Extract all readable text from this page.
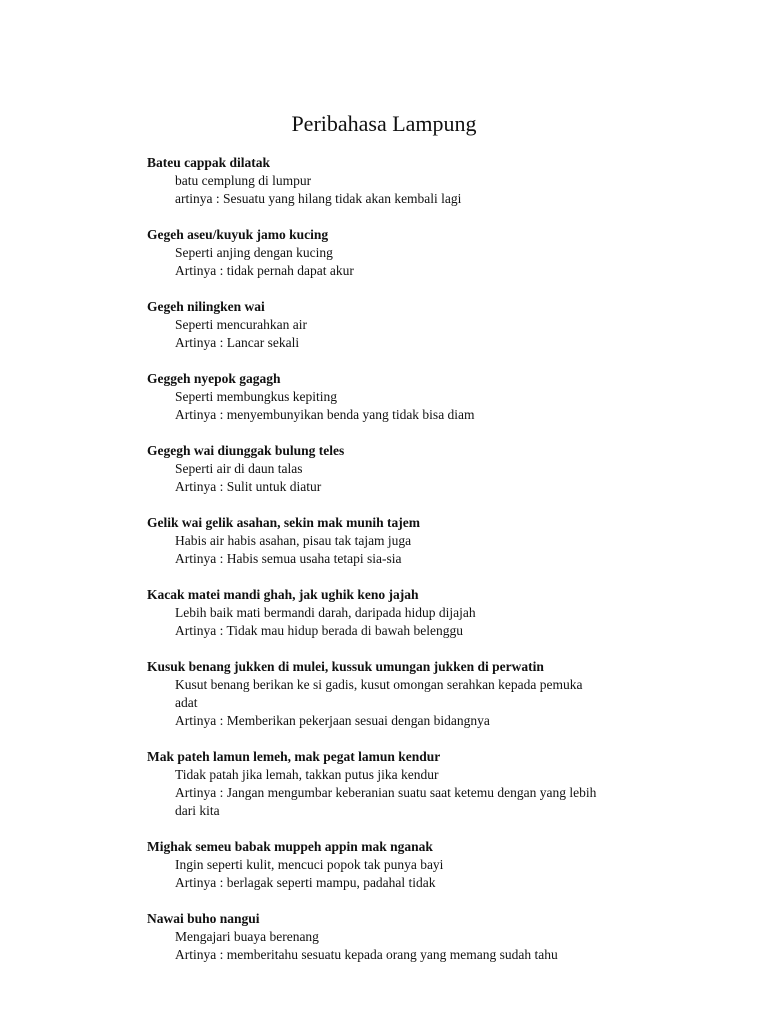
Peribahasa Lampung
Bateu cappak dilatak
batu cemplung di lumpur
artinya : Sesuatu yang hilang tidak akan kembali lagi
Gegeh aseu/kuyuk jamo kucing
Seperti anjing dengan kucing
Artinya : tidak pernah dapat akur
Gegeh nilingken wai
Seperti mencurahkan air
Artinya : Lancar sekali
Geggeh nyepok gagagh
Seperti membungkus kepiting
Artinya : menyembunyikan benda yang tidak bisa diam
Gegegh wai diunggak bulung teles
Seperti air di daun talas
Artinya : Sulit untuk diatur
Gelik wai gelik asahan, sekin mak munih tajem
Habis air habis asahan, pisau tak tajam juga
Artinya : Habis semua usaha tetapi sia-sia
Kacak matei mandi ghah, jak ughik keno jajah
Lebih baik mati bermandi darah, daripada hidup dijajah
Artinya : Tidak mau hidup berada di bawah belenggu
Kusuk benang jukken di mulei, kussuk umungan jukken di perwatin
Kusut benang berikan ke si gadis, kusut omongan serahkan kepada pemuka
adat
Artinya : Memberikan pekerjaan sesuai dengan bidangnya
Mak pateh lamun lemeh, mak pegat lamun kendur
Tidak patah jika lemah, takkan putus jika kendur
Artinya : Jangan mengumbar keberanian suatu saat ketemu dengan yang lebih
dari kita
Mighak semeu babak muppeh appin mak nganak
Ingin seperti kulit, mencuci popok tak punya bayi
Artinya : berlagak seperti mampu, padahal tidak
Nawai buho nangui
Mengajari buaya berenang
Artinya : memberitahu sesuatu kepada orang yang memang sudah tahu
